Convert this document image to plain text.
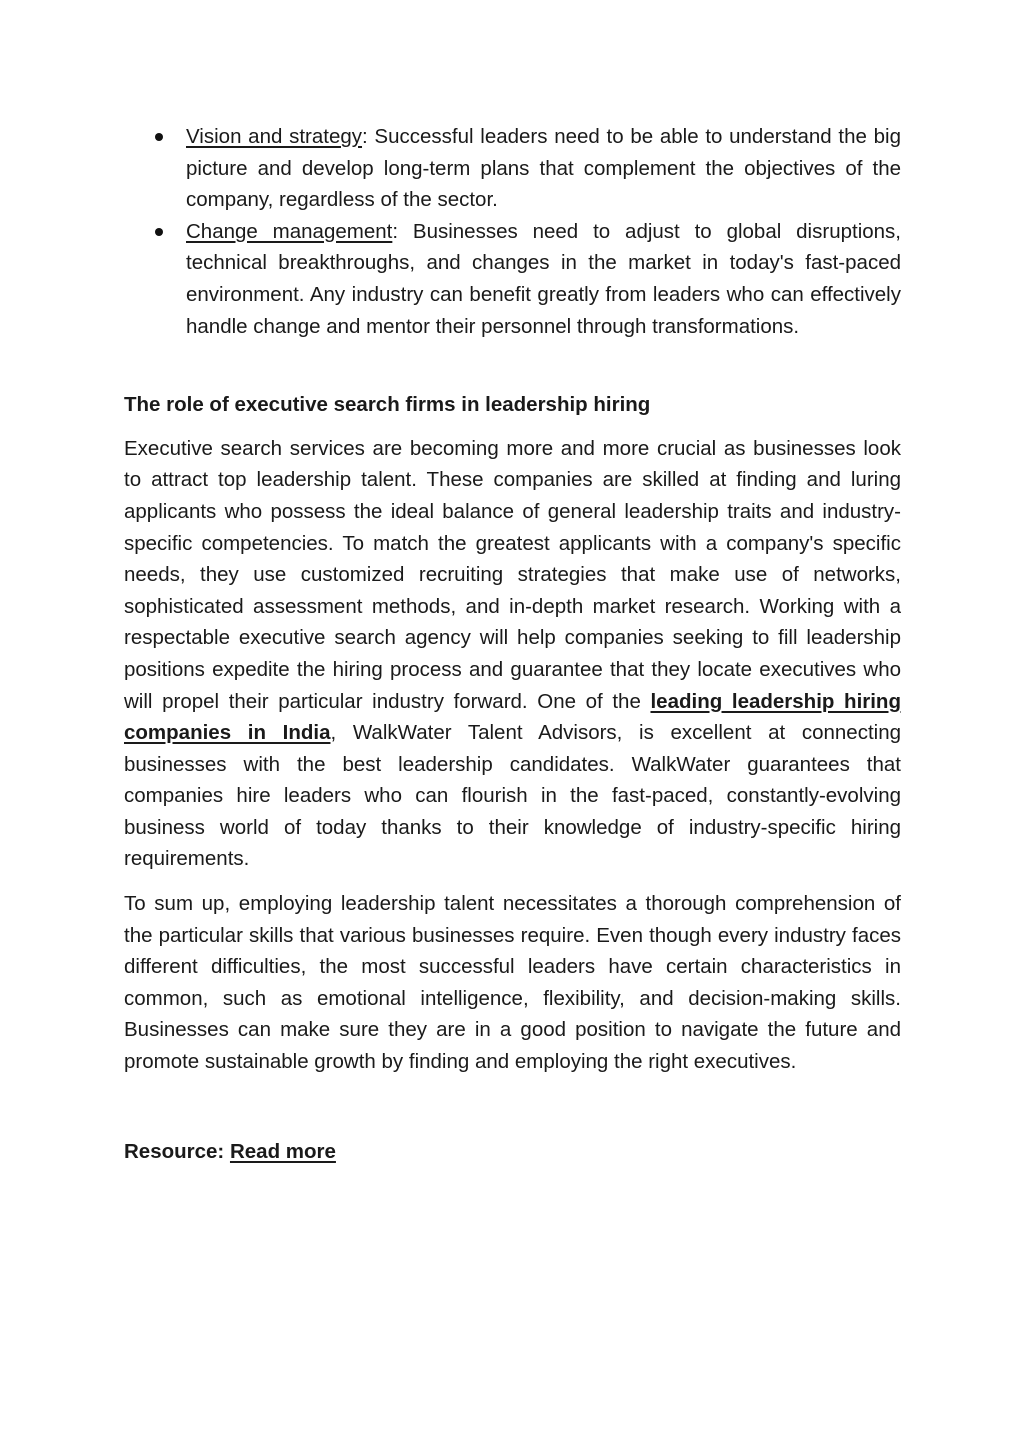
Vision and strategy: Successful leaders need to be able to understand the big picture and develop long-term plans that complement the objectives of the company, regardless of the sector.
Change management: Businesses need to adjust to global disruptions, technical breakthroughs, and changes in the market in today's fast-paced environment. Any industry can benefit greatly from leaders who can effectively handle change and mentor their personnel through transformations.
The role of executive search firms in leadership hiring

Executive search services are becoming more and more crucial as businesses look to attract top leadership talent. These companies are skilled at finding and luring applicants who possess the ideal balance of general leadership traits and industry-specific competencies. To match the greatest applicants with a company's specific needs, they use customized recruiting strategies that make use of networks, sophisticated assessment methods, and in-depth market research. Working with a respectable executive search agency will help companies seeking to fill leadership positions expedite the hiring process and guarantee that they locate executives who will propel their particular industry forward. One of the leading leadership hiring companies in India, WalkWater Talent Advisors, is excellent at connecting businesses with the best leadership candidates. WalkWater guarantees that companies hire leaders who can flourish in the fast-paced, constantly-evolving business world of today thanks to their knowledge of industry-specific hiring requirements.

To sum up, employing leadership talent necessitates a thorough comprehension of the particular skills that various businesses require. Even though every industry faces different difficulties, the most successful leaders have certain characteristics in common, such as emotional intelligence, flexibility, and decision-making skills. Businesses can make sure they are in a good position to navigate the future and promote sustainable growth by finding and employing the right executives.

Resource: Read more
